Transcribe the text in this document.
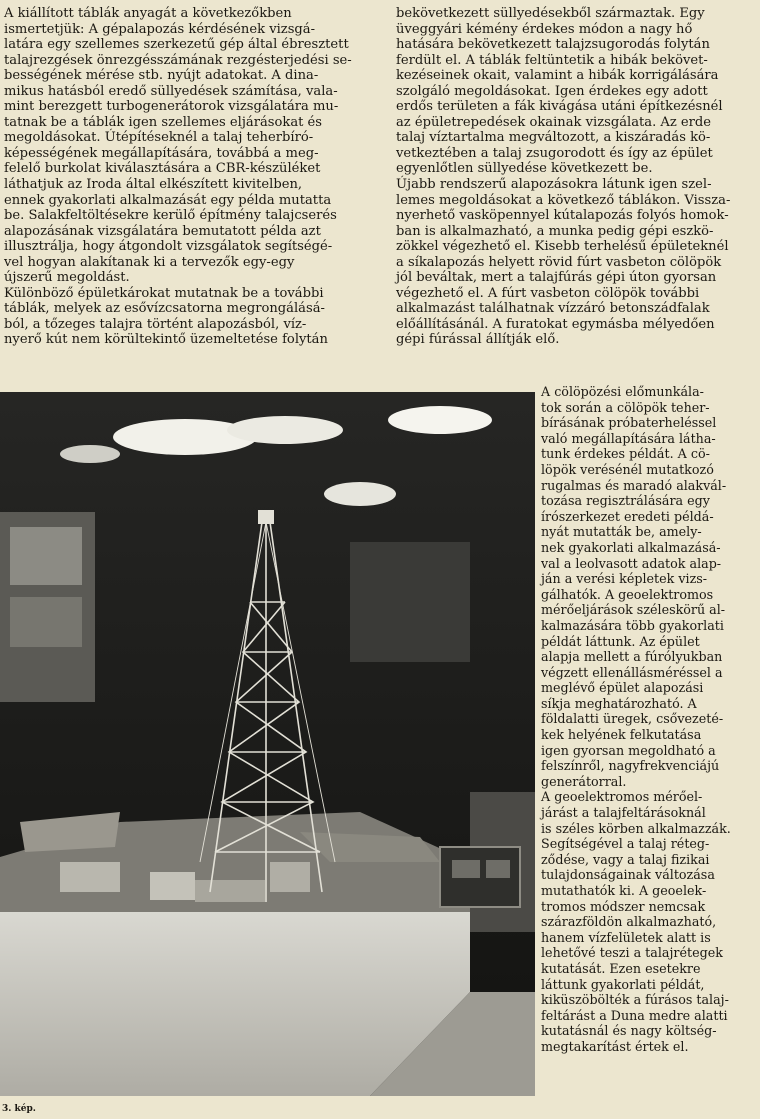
A kiállított táblák anyagát a következőkben
ismertetjük: A gépalapozás kérdésének vizsgá-
latára egy szellemes szerkezetű gép által ébresztett
talajrezgések önrezgésszámának rezgésterjedési se-
bességének mérése stb. nyújt adatokat. A dina-
mikus hatásból eredő süllyedések számítása, vala-
mint berezgett turbogenerátorok vizsgálatára mu-
tatnak be a táblák igen szellemes eljárásokat és
megoldásokat. Útépítéseknél a talaj teherbíró-
képességének megállapítására, továbbá a meg-
felelő burkolat kiválasztására a CBR-készüléket
láthatjuk az Iroda által elkészített kivitelben,
ennek gyakorlati alkalmazását egy példa mutatta
be. Salakfeltöltésekre kerülő építmény talajcserés
alapozásának vizsgálatára bemutatott példa azt
illusztrálja, hogy átgondolt vizsgálatok segítségé-
vel hogyan alakítanak ki a tervezők egy-egy
újszerű megoldást.
Különböző épületkárokat mutatnak be a további
táblák, melyek az esővízcsatorna megrongálásá-
ból, a tőzeges talajra történt alapozásból, víz-
nyerő kút nem körültekintő üzemeltetése folytán
bekövetkezett süllyedésekből származtak. Egy
üveggyári kémény érdekes módon a nagy hő
hatására bekövetkezett talajzsugorodás folytán
ferdült el. A táblák feltüntetik a hibák bekövet-
kezéseinek okait, valamint a hibák korrigálására
szolgáló megoldásokat. Igen érdekes egy adott
erdős területen a fák kivágása utáni építkezésnél
az épületrepedések okainak vizsgálata. Az erde
talaj víztartalma megváltozott, a kiszáradás kö-
vetkeztében a talaj zsugorodott és így az épület
egyenlőtlen süllyedése következett be.
Újabb rendszerű alapozásokra látunk igen szel-
lemes megoldásokat a következő táblákon. Vissza-
nyerhető vasköpennyel kútalapozás folyós homok-
ban is alkalmazható, a munka pedig gépi eszkö-
zökkel végezhető el. Kisebb terhelésű épületeknél
a síkalapozás helyett rövid fúrt vasbeton cölöpök
jól beváltak, mert a talajfúrás gépi úton gyorsan
végezhető el. A fúrt vasbeton cölöpök további
alkalmazást találhatnak vízzáró betonszádfalak
előállításánál. A furatokat egymásba mélyedően
gépi fúrással állítják elő.
A cölöpözési előmunkála-
tok során a cölöpök teher-
bírásának próbaterheléssel
való megállapítására látha-
tunk érdekes példát. A cö-
löpök verésénél mutatkozó
rugalmas és maradó alakvál-
tozása regisztrálására egy
írószerkezet eredeti példá-
nyát mutatták be, amely-
nek gyakorlati alkalmazásá-
val a leolvasott adatok alap-
ján a verési képletek vizs-
gálhatók. A geoelektromos
mérőeljárások széleskörű al-
kalmazására több gyakorlati
példát láttunk. Az épület
alapja mellett a fúrólyukban
végzett ellenállásméréssel a
meglévő épület alapozási
síkja meghatározható. A
földalatti üregek, csővezeté-
kek helyének felkutatása
igen gyorsan megoldható a
felszínről, nagyfrekvenciájú
generátorral.
A geoelektromos mérőel-
járást a talajfeltárásoknál
is széles körben alkalmazzák.
Segítségével a talaj réteg-
ződése, vagy a talaj fizikai
tulajdonságainak változása
mutathatók ki. A geoelek-
tromos módszer nemcsak
szárazföldön alkalmazható,
hanem vízfelületek alatt is
lehetővé teszi a talajrétegek
kutatását. Ezen esetekre
láttunk gyakorlati példát,
kiküszöbölték a fúrásos talaj-
feltárást a Duna medre alatti
kutatásnál és nagy költség-
megtakarítást értek el.
3. kép.
